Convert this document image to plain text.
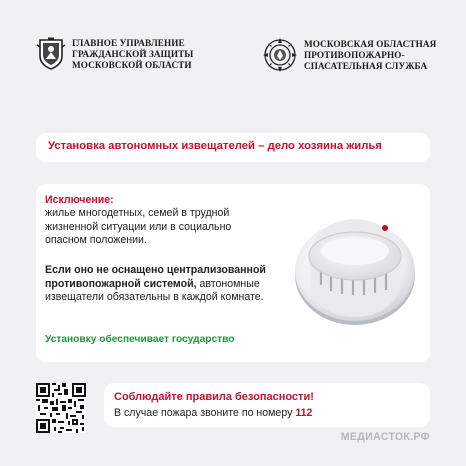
ГЛАВНОЕ УПРАВЛЕНИЕ
ГРАЖДАНСКОЙ ЗАЩИТЫ
МОСКОВСКОЙ ОБЛАСТИ
МОСКОВСКАЯ ОБЛАСТНАЯ
ПРОТИВОПОЖАРНО-
СПАСАТЕЛЬНАЯ СЛУЖБА
Установка автономных извещателей – дело хозяина жилья
Исключение:
жилье многодетных, семей в трудной
жизненной ситуации или в социально
опасном положении.
Если оно не оснащено централизованной противопожарной системой, автономные извещатели обязательны в каждой комнате.
Установку обеспечивает государство
Соблюдайте правила безопасности!
В случае пожара звоните по номеру 112
МЕДИАСТОК.РФ
